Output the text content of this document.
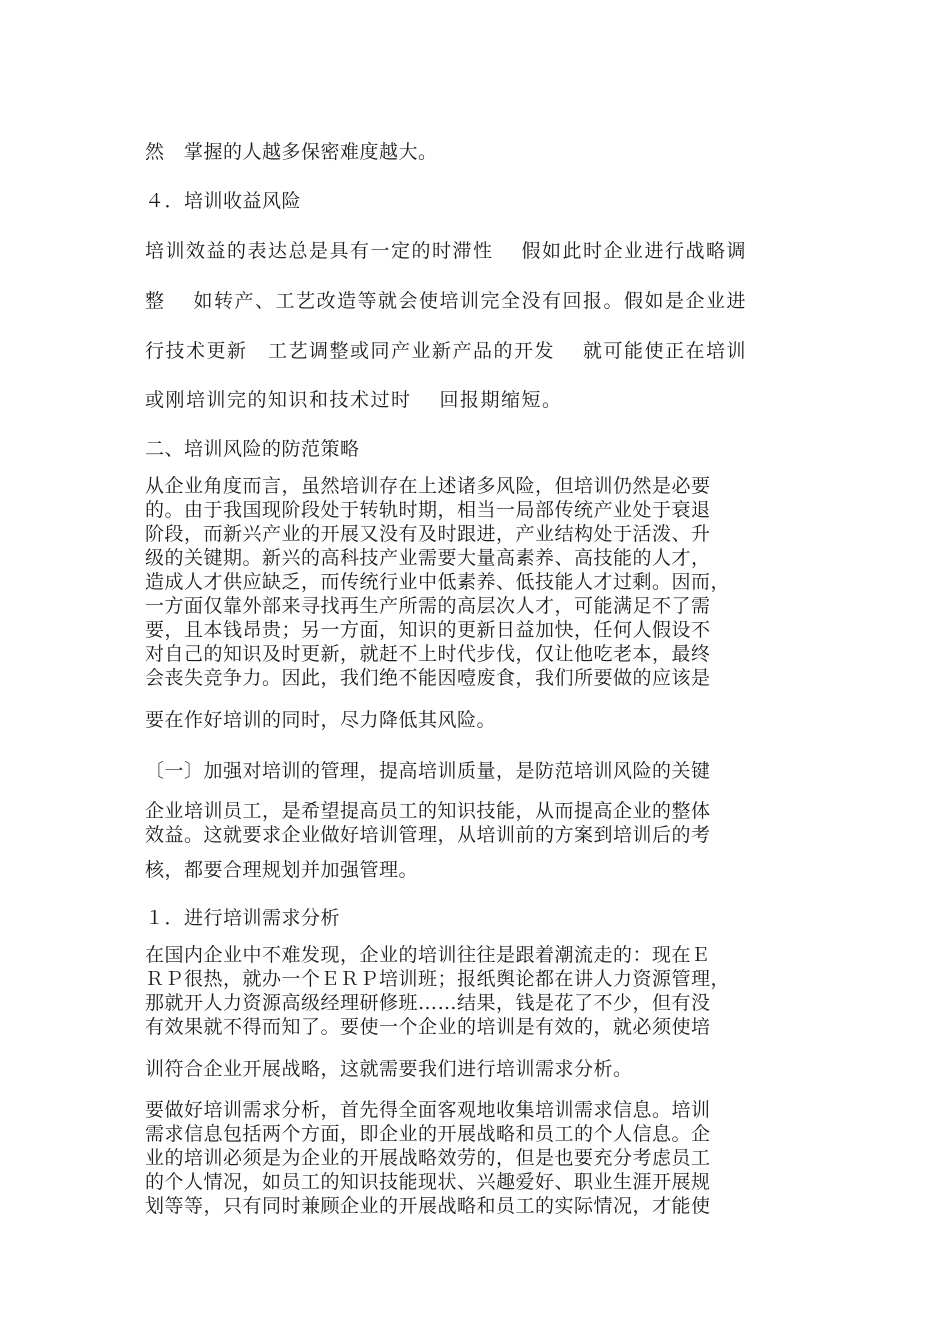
然　掌握的人越多保密难度越大。
４．培训收益风险
培训效益的表达总是具有一定的时滞性　 假如此时企业进行战略调
整　 如转产、工艺改造等就会使培训完全没有回报。假如是企业进
行技术更新　工艺调整或同产业新产品的开发　 就可能使正在培训
或刚培训完的知识和技术过时　 回报期缩短。
二、培训风险的防范策略
从企业角度而言，虽然培训存在上述诸多风险，但培训仍然是必要
的。由于我国现阶段处于转轨时期，相当一局部传统产业处于衰退
阶段，而新兴产业的开展又没有及时跟进，产业结构处于活泼、升
级的关键期。新兴的高科技产业需要大量高素养、高技能的人才，
造成人才供应缺乏，而传统行业中低素养、低技能人才过剩。因而，
一方面仅靠外部来寻找再生产所需的高层次人才，可能满足不了需
要，且本钱昂贵；另一方面，知识的更新日益加快，任何人假设不
对自己的知识及时更新，就赶不上时代步伐，仅让他吃老本，最终
会丧失竞争力。因此，我们绝不能因噎废食，我们所要做的应该是
要在作好培训的同时，尽力降低其风险。
〔一〕加强对培训的管理，提高培训质量，是防范培训风险的关键
企业培训员工，是希望提高员工的知识技能，从而提高企业的整体
效益。这就要求企业做好培训管理，从培训前的方案到培训后的考
核，都要合理规划并加强管理。
１．进行培训需求分析
在国内企业中不难发现，企业的培训往往是跟着潮流走的：现在Ｅ
ＲＰ很热，就办一个ＥＲＰ培训班；报纸舆论都在讲人力资源管理，
那就开人力资源高级经理研修班……结果，钱是花了不少，但有没
有效果就不得而知了。要使一个企业的培训是有效的，就必须使培
训符合企业开展战略，这就需要我们进行培训需求分析。
要做好培训需求分析，首先得全面客观地收集培训需求信息。培训
需求信息包括两个方面，即企业的开展战略和员工的个人信息。企
业的培训必须是为企业的开展战略效劳的，但是也要充分考虑员工
的个人情况，如员工的知识技能现状、兴趣爱好、职业生涯开展规
划等等，只有同时兼顾企业的开展战略和员工的实际情况，才能使
